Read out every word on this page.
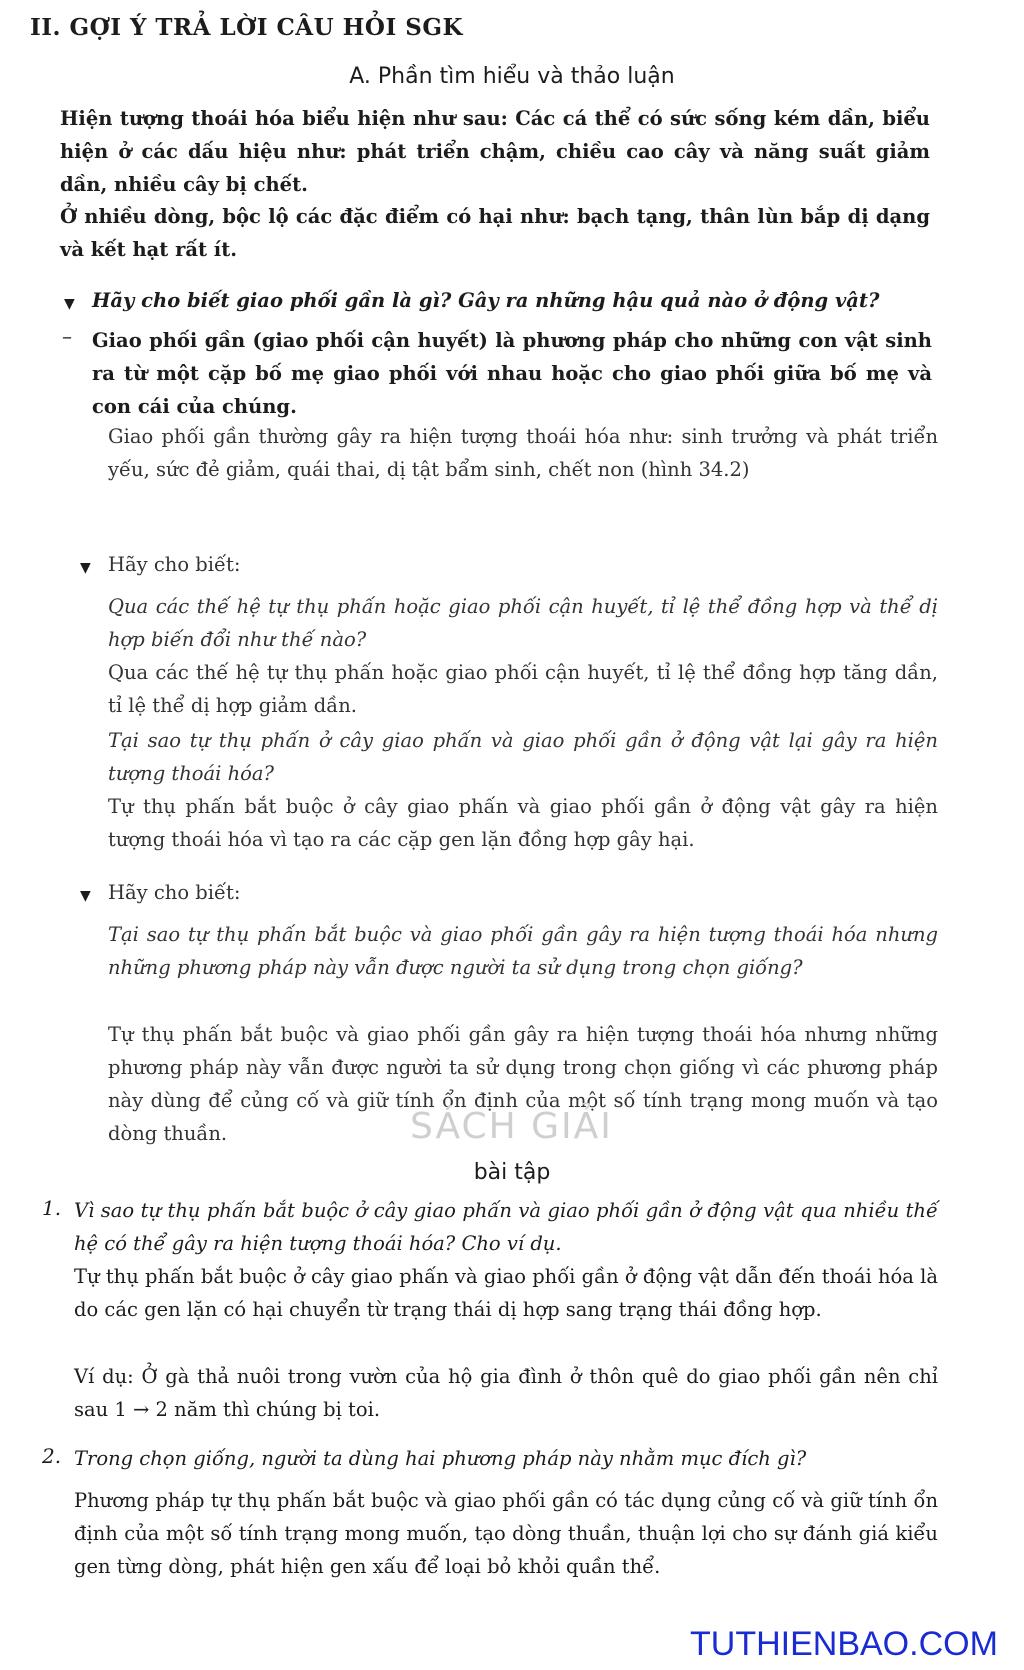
II. GỢI Ý TRẢ LỜI CÂU HỎI SGK
A. Phần tìm hiểu và thảo luận

Hiện tượng thoái hóa biểu hiện như sau: Các cá thể có sức sống kém dần, biểu hiện ở các dấu hiệu như: phát triển chậm, chiều cao cây và năng suất giảm dần, nhiều cây bị chết.

Ở nhiều dòng, bộc lộ các đặc điểm có hại như: bạch tạng, thân lùn bắp dị dạng và kết hạt rất ít.

▼ Hãy cho biết giao phối gần là gì? Gây ra những hậu quả nào ở động vật?

– Giao phối gần (giao phối cận huyết) là phương pháp cho những con vật sinh ra từ một cặp bố mẹ giao phối với nhau hoặc cho giao phối giữa bố mẹ và con cái của chúng.

Giao phối gần thường gây ra hiện tượng thoái hóa như: sinh trưởng và phát triển yếu, sức đẻ giảm, quái thai, dị tật bẩm sinh, chết non (hình 34.2)

▼ Hãy cho biết:

Qua các thế hệ tự thụ phấn hoặc giao phối cận huyết, tỉ lệ thể đồng hợp và thể dị hợp biến đổi như thế nào?

Qua các thế hệ tự thụ phấn hoặc giao phối cận huyết, tỉ lệ thể đồng hợp tăng dần, tỉ lệ thể dị hợp giảm dần.

Tại sao tự thụ phấn ở cây giao phấn và giao phối gần ở động vật lại gây ra hiện tượng thoái hóa?

Tự thụ phấn bắt buộc ở cây giao phấn và giao phối gần ở động vật gây ra hiện tượng thoái hóa vì tạo ra các cặp gen lặn đồng hợp gây hại.

▼ Hãy cho biết:

Tại sao tự thụ phấn bắt buộc và giao phối gần gây ra hiện tượng thoái hóa nhưng những phương pháp này vẫn được người ta sử dụng trong chọn giống?

Tự thụ phấn bắt buộc và giao phối gần gây ra hiện tượng thoái hóa nhưng những phương pháp này vẫn được người ta sử dụng trong chọn giống vì các phương pháp này dùng để củng cố và giữ tính ổn định của một số tính trạng mong muốn và tạo dòng thuần.	SÁCH GIẢI
bài tập
1. Vì sao tự thụ phấn bắt buộc ở cây giao phấn và giao phối gần ở động vật qua nhiều thế hệ có thể gây ra hiện tượng thoái hóa? Cho ví dụ.

Tự thụ phấn bắt buộc ở cây giao phấn và giao phối gần ở động vật dẫn đến thoái hóa là do các gen lặn có hại chuyển từ trạng thái dị hợp sang trạng thái đồng hợp.

Ví dụ: Ở gà thả nuôi trong vườn của hộ gia đình ở thôn quê do giao phối gần nên chỉ sau 1 → 2 năm thì chúng bị toi.

2. Trong chọn giống, người ta dùng hai phương pháp này nhằm mục đích gì?

Phương pháp tự thụ phấn bắt buộc và giao phối gần có tác dụng củng cố và giữ tính ổn định của một số tính trạng mong muốn, tạo dòng thuần, thuận lợi cho sự đánh giá kiểu gen từng dòng, phát hiện gen xấu để loại bỏ khỏi quần thể.

TUTHIENBAO.COM
